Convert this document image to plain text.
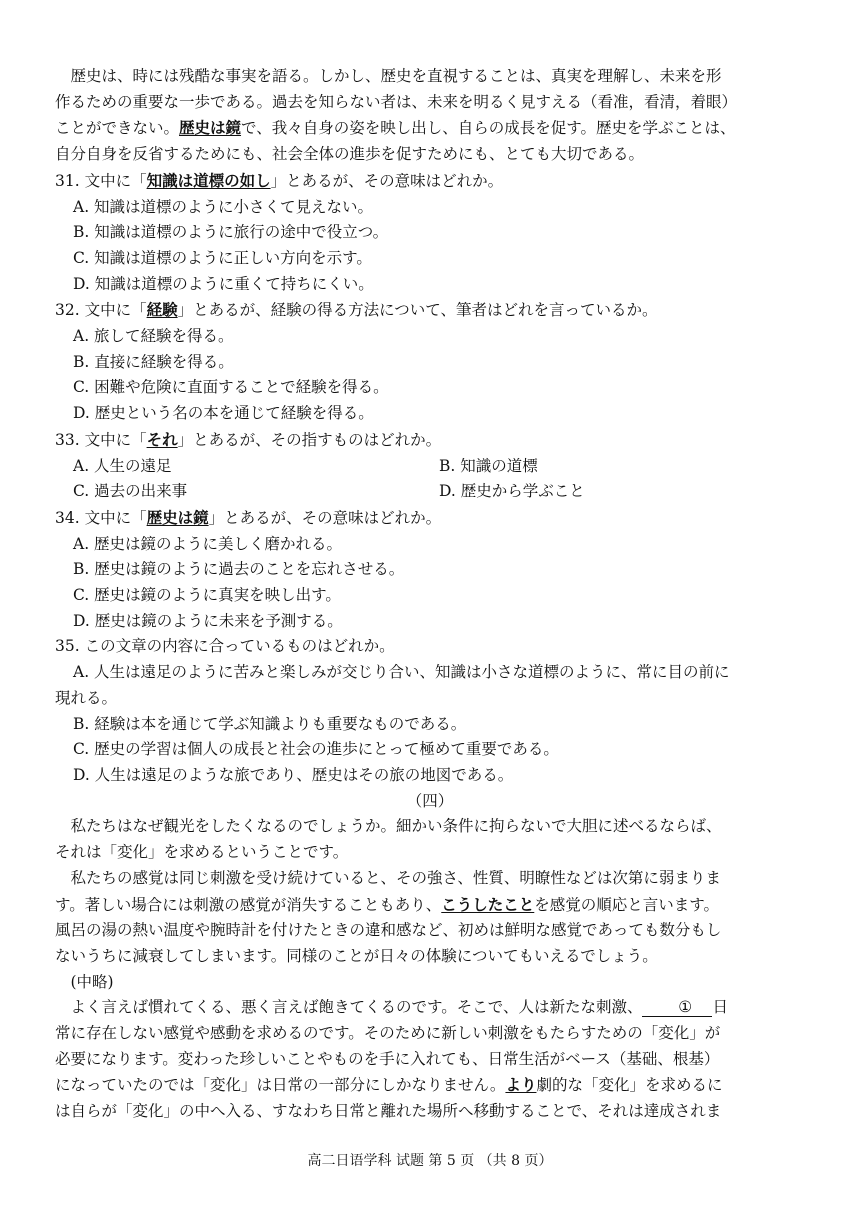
歴史は、時には残酷な事実を語る。しかし、歴史を直視することは、真実を理解し、未来を形
作るための重要な一歩である。過去を知らない者は、未来を明るく見すえる（看准，看清，着眼）
ことができない。歴史は鏡で、我々自身の姿を映し出し、自らの成長を促す。歴史を学ぶことは、
自分自身を反省するためにも、社会全体の進歩を促すためにも、とても大切である。
31. 文中に「知識は道標の如し」とあるが、その意味はどれか。
A. 知識は道標のように小さくて見えない。
B. 知識は道標のように旅行の途中で役立つ。
C. 知識は道標のように正しい方向を示す。
D. 知識は道標のように重くて持ちにくい。
32. 文中に「経験」とあるが、経験の得る方法について、筆者はどれを言っているか。
A. 旅して経験を得る。
B. 直接に経験を得る。
C. 困難や危険に直面することで経験を得る。
D. 歴史という名の本を通じて経験を得る。
33. 文中に「それ」とあるが、その指すものはどれか。
A. 人生の遠足	B. 知識の道標
C. 過去の出来事	D. 歴史から学ぶこと
34. 文中に「歴史は鏡」とあるが、その意味はどれか。
A. 歴史は鏡のように美しく磨かれる。
B. 歴史は鏡のように過去のことを忘れさせる。
C. 歴史は鏡のように真実を映し出す。
D. 歴史は鏡のように未来を予測する。
35. この文章の内容に合っているものはどれか。
A. 人生は遠足のように苦みと楽しみが交じり合い、知識は小さな道標のように、常に目の前に
現れる。
B. 経験は本を通じて学ぶ知識よりも重要なものである。
C. 歴史の学習は個人の成長と社会の進歩にとって極めて重要である。
D. 人生は遠足のような旅であり、歴史はその旅の地図である。
（四）
私たちはなぜ観光をしたくなるのでしょうか。細かい条件に拘らないで大胆に述べるならば、
それは「変化」を求めるということです。
私たちの感覚は同じ刺激を受け続けていると、その強さ、性質、明瞭性などは次第に弱まりま
す。著しい場合には刺激の感覚が消失することもあり、こうしたことを感覚の順応と言います。
風呂の湯の熱い温度や腕時計を付けたときの違和感など、初めは鮮明な感覚であっても数分もし
ないうちに減衰してしまいます。同様のことが日々の体験についてもいえるでしょう。
(中略)
よく言えば慣れてくる、悪く言えば飽きてくるのです。そこで、人は新たな刺激、 ① 日
常に存在しない感覚や感動を求めるのです。そのために新しい刺激をもたらすための「変化」が
必要になります。変わった珍しいことやものを手に入れても、日常生活がベース（基础、根基）
になっていたのでは「変化」は日常の一部分にしかなりません。より劇的な「変化」を求めるに
は自らが「変化」の中へ入る、すなわち日常と離れた場所へ移動することで、それは達成されま
高二日语学科 试题 第 5 页 （共 8 页）
